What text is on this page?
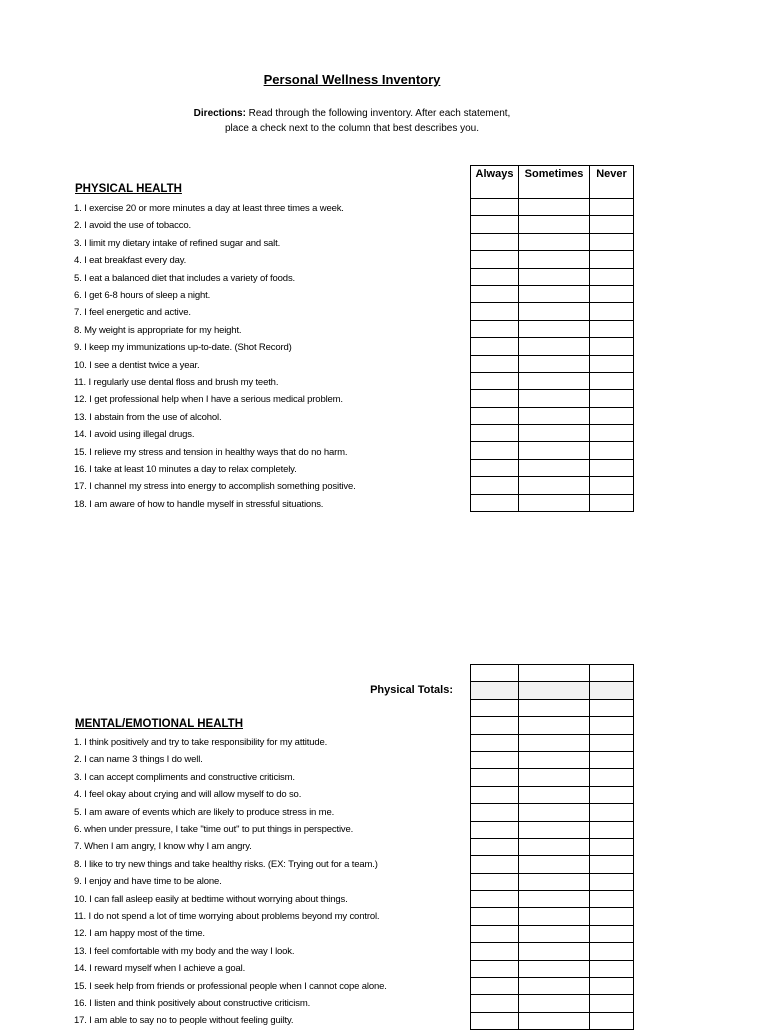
Personal Wellness Inventory
Directions: Read through the following inventory. After each statement,
place a check next to the column that best describes you.
Always	Sometimes	Never

PHYSICAL HEALTH
1. I exercise 20 or more minutes a day at least three times a week.
2. I avoid the use of tobacco.
3. I limit my dietary intake of refined sugar and salt.
4. I eat breakfast every day.
5. I eat a balanced diet that includes a variety of foods.
6. I get 6-8 hours of sleep a night.
7. I feel energetic and active.
8. My weight is appropriate for my height.
9. I keep my immunizations up-to-date. (Shot Record)
10. I see a dentist twice a year.
11. I regularly use dental floss and brush my teeth.
12. I get professional help when I have a serious medical problem.
13. I abstain from the use of alcohol.
14. I avoid using illegal drugs.
15. I relieve my stress and tension in healthy ways that do no harm.
16. I take at least 10 minutes a day to relax completely.
17. I channel my stress into energy to accomplish something positive.
18. I am aware of how to handle myself in stressful situations.

Physical Totals:
MENTAL/EMOTIONAL HEALTH
1. I think positively and try to take responsibility for my attitude.
2. I can name 3 things I do well.
3. I can accept compliments and constructive criticism.
4. I feel okay about crying and will allow myself to do so.
5. I am aware of events which are likely to produce stress in me.
6. when under pressure, I take "time out" to put things in perspective.
7. When I am angry, I know why I am angry.
8. I like to try new things and take healthy risks. (EX: Trying out for a team.)
9. I enjoy and have time to be alone.
10. I can fall asleep easily at bedtime without worrying about things.
11. I do not spend a lot of time worrying about problems beyond my control.
12. I am happy most of the time.
13. I feel comfortable with my body and the way I look.
14. I reward myself when I achieve a goal.
15. I seek help from friends or professional people when I cannot cope alone.
16. I listen and think positively about constructive criticism.
17. I am able to say no to people without feeling guilty.
